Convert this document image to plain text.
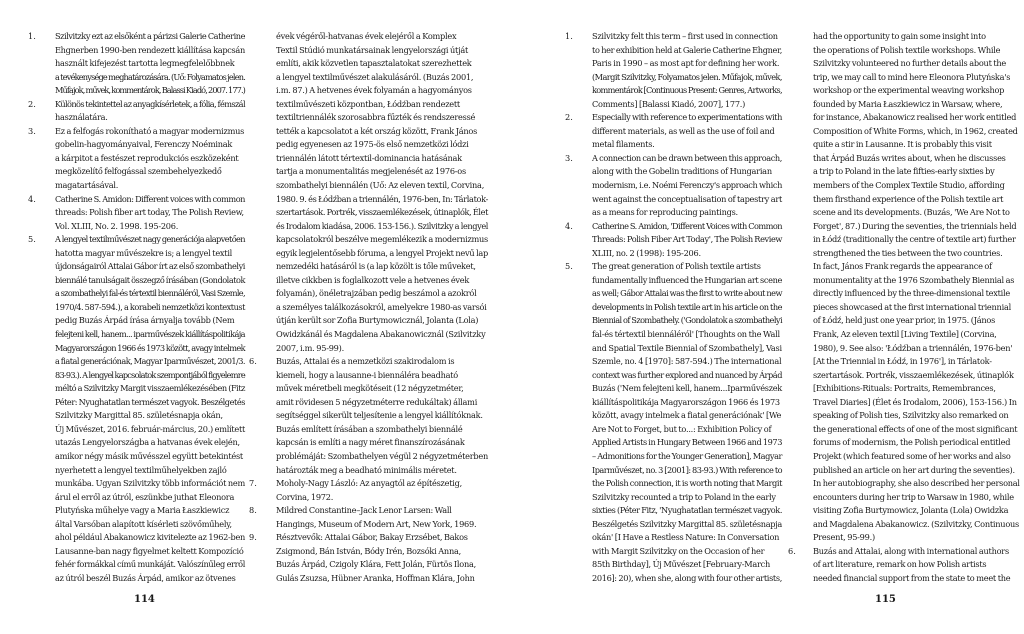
1. Szilvitzky ezt az elsőként a párizsi Galerie Catherine
Ehgnerben 1990-ben rendezett kiállítása kapcsán
használt kifejezést tartotta legmegfelelőbbnek
a tevékenysége meghatározására. (Uő: Folyamatos jelen.
Műfajok, művek, kommentárok, Balassi Kiadó, 2007. 177.)
2. Különös tekintettel az anyagkísérletek, a fólia, fémszál
használatára.
3. Ez a felfogás rokonítható a magyar modernizmus
gobelin-hagyományaival, Ferenczy Noéminak
a kárpitot a festészet reprodukciós eszközeként
megközelítő felfogással szembehelyezkedő
magatartásával.
4. Catherine S. Amidon: Different voices with common
threads: Polish fiber art today, The Polish Review,
Vol. XLIII, No. 2. 1998. 195-206.
5. A lengyel textilművészet nagy generációja alapvetően
hatotta magyar művészekre is; a lengyel textil
újdonságairól Attalai Gábor írt az első szombathelyi
biennálé tanulságait összegző írásában (Gondolatok
a szombathelyi fal-és tértextil biennáléról, Vasi Szemle,
1970/4. 587-594.), a korabeli nemzetközi kontextust
pedig Buzás Árpád írása árnyalja tovább (Nem
felejteni kell, hanem... iparművészek kiállításpolitikája
Magyarországon 1966 és 1973 között, avagy intelmek
a fiatal generációnak, Magyar Iparművészet, 2001/3.
83-93.). A lengyel kapcsolatok szempontjából figyelemre
méltó a Szilvitzky Margit visszaemlékezésében (Fitz
Péter: Nyughatatlan természet vagyok. Beszélgetés
Szilvitzky Margittal 85. születésnapja okán,
Új Művészet, 2016. február-március, 20.) említett
utazás Lengyelországba a hatvanas évek elején,
amikor négy másik művésszel együtt betekintést
nyerhetett a lengyel textilműhelyekben zajló
munkába. Ugyan Szilvitzky több információt nem
árul el erről az útról, eszünkbe juthat Eleonora
Plutyńska műhelye vagy a Maria Łaszkiewicz
által Varsóban alapított kísérleti szövőműhely,
ahol például Abakanowicz kivitelezte az 1962-ben
Lausanne-ban nagy figyelmet keltett Kompozíció
fehér formákkal című munkáját. Valószínűleg erről
az útról beszél Buzás Árpád, amikor az ötvenes
évek végéről-hatvanas évek elejéről a Komplex
Textil Stúdió munkatársainak lengyelországi útját
említi, akik közvetlen tapasztalatokat szerezhettek
a lengyel textilművészet alakulásáról. (Buzás 2001,
i.m. 87.) A hetvenes évek folyamán a hagyományos
textilművészeti központban, Łódźban rendezett
textiltriennálék szorosabbra fűzték és rendszeressé
tették a kapcsolatot a két ország között, Frank János
pedig egyenesen az 1975-ös első nemzetközi lódzi
triennálén látott tértextil-dominancia hatásának
tartja a monumentalitás megjelenését az 1976-os
szombathelyi biennálén (Uő: Az eleven textil, Corvina,
1980. 9. és Łódźban a triennálén, 1976-ben, In: Tárlatok-
szertartások. Portrék, visszaemlékezések, útinaplók, Élet
és Irodalom kiadása, 2006. 153-156.). Szilvitzky a lengyel
kapcsolatokról beszélve megemlékezik a modernizmus
egyik legjelentősebb fóruma, a lengyel Projekt nevű lap
nemzedéki hatásáról is (a lap közölt is tőle műveket,
illetve cikkben is foglalkozott vele a hetvenes évek
folyamán), önéletrajzában pedig beszámol a azokról
a személyes találkozásokról, amelyekre 1980-as varsói
útján került sor Zofia Burtymowicznál, Jolanta (Lola)
Owidzkánál és Magdalena Abakanowicznál (Szilvitzky
2007, i.m. 95-99).
6. Buzás, Attalai és a nemzetközi szakirodalom is
kiemeli, hogy a lausanne-i biennáléra beadható
művek méretbeli megkötéseit (12 négyzetméter,
amit rövidesen 5 négyzetméterre redukáltak) állami
segítséggel sikerült teljesítenie a lengyel kiállítóknak.
Buzás említett írásában a szombathelyi biennálé
kapcsán is említi a nagy méret finanszírozásának
problémáját: Szombathelyen végül 2 négyzetméterben
határozták meg a beadható minimális méretet.
7. Moholy-Nagy László: Az anyagtól az építészetig,
Corvina, 1972.
8. Mildred Constantine–Jack Lenor Larsen: Wall
Hangings, Museum of Modern Art, New York, 1969.
9. Résztvevők: Attalai Gábor, Bakay Erzsébet, Bakos
Zsigmond, Bán István, Bódy Irén, Bozsóki Anna,
Buzás Árpád, Czigoly Klára, Fett Jolán, Fürtös Ilona,
Gulás Zsuzsa, Hübner Aranka, Hoffman Klára, John
114
1. Szilvitzky felt this term – first used in connection
to her exhibition held at Galerie Catherine Ehgner,
Paris in 1990 – as most apt for defining her work.
(Margit Szilvitzky, Folyamatos jelen. Műfajok, művek,
kommentárok [Continuous Present: Genres, Artworks,
Comments] [Balassi Kiadó, 2007], 177.)
2. Especially with reference to experimentations with
different materials, as well as the use of foil and
metal filaments.
3. A connection can be drawn between this approach,
along with the Gobelin traditions of Hungarian
modernism, i.e. Noémi Ferenczy's approach which
went against the conceptualisation of tapestry art
as a means for reproducing paintings.
4. Catherine S. Amidon, 'Different Voices with Common
Threads: Polish Fiber Art Today', The Polish Review
XLIII, no. 2 (1998): 195-206.
5. The great generation of Polish textile artists
fundamentally influenced the Hungarian art scene
as well; Gábor Attalai was the first to write about new
developments in Polish textile art in his article on the
Biennial of Szombathely. ('Gondolatok a szombathelyi
fal-és tértextil biennáléról' [Thoughts on the Wall
and Spatial Textile Biennial of Szombathely], Vasi
Szemle, no. 4 [1970]: 587-594.) The international
context was further explored and nuanced by Árpád
Buzás ('Nem felejteni kell, hanem...Iparművészek
kiállításpolitikája Magyarországon 1966 és 1973
között, avagy intelmek a fiatal generációnak' [We
Are Not to Forget, but to...: Exhibition Policy of
Applied Artists in Hungary Between 1966 and 1973
– Admonitions for the Younger Generation], Magyar
Iparművészet, no. 3 [2001]: 83-93.) With reference to
the Polish connection, it is worth noting that Margit
Szilvitzky recounted a trip to Poland in the early
sixties (Péter Fitz, 'Nyughatatlan természet vagyok.
Beszélgetés Szilvitzky Margittal 85. születésnapja
okán' [I Have a Restless Nature: In Conversation
with Margit Szilvitzky on the Occasion of her
85th Birthday], Új Művészet [February-March
2016]: 20), when she, along with four other artists,
had the opportunity to gain some insight into
the operations of Polish textile workshops. While
Szilvitzky volunteered no further details about the
trip, we may call to mind here Eleonora Plutyńska's
workshop or the experimental weaving workshop
founded by Maria Łaszkiewicz in Warsaw, where,
for instance, Abakanowicz realised her work entitled
Composition of White Forms, which, in 1962, created
quite a stir in Lausanne. It is probably this visit
that Árpád Buzás writes about, when he discusses
a trip to Poland in the late fifties-early sixties by
members of the Complex Textile Studio, affording
them firsthand experience of the Polish textile art
scene and its developments. (Buzás, 'We Are Not to
Forget', 87.) During the seventies, the triennials held
in Łódź (traditionally the centre of textile art) further
strengthened the ties between the two countries.
In fact, János Frank regards the appearance of
monumentality at the 1976 Szombathely Biennial as
directly influenced by the three-dimensional textile
pieces showcased at the first international triennial
of Łódź, held just one year prior, in 1975. (János
Frank, Az eleven textil [Living Textile] (Corvina,
1980), 9. See also: 'Łódźban a triennálén, 1976-ben'
[At the Triennial in Łódź, in 1976'], in Tárlatok-
szertartások. Portrék, visszaemlékezések, útinaplók
[Exhibitions-Rituals: Portraits, Remembrances,
Travel Diaries] (Élet és Irodalom, 2006), 153-156.) In
speaking of Polish ties, Szilvitzky also remarked on
the generational effects of one of the most significant
forums of modernism, the Polish periodical entitled
Projekt (which featured some of her works and also
published an article on her art during the seventies).
In her autobiography, she also described her personal
encounters during her trip to Warsaw in 1980, while
visiting Zofia Burtymowicz, Jolanta (Lola) Owidzka
and Magdalena Abakanowicz. (Szilvitzky, Continuous
Present, 95-99.)
6. Buzás and Attalai, along with international authors
of art literature, remark on how Polish artists
needed financial support from the state to meet the
115
